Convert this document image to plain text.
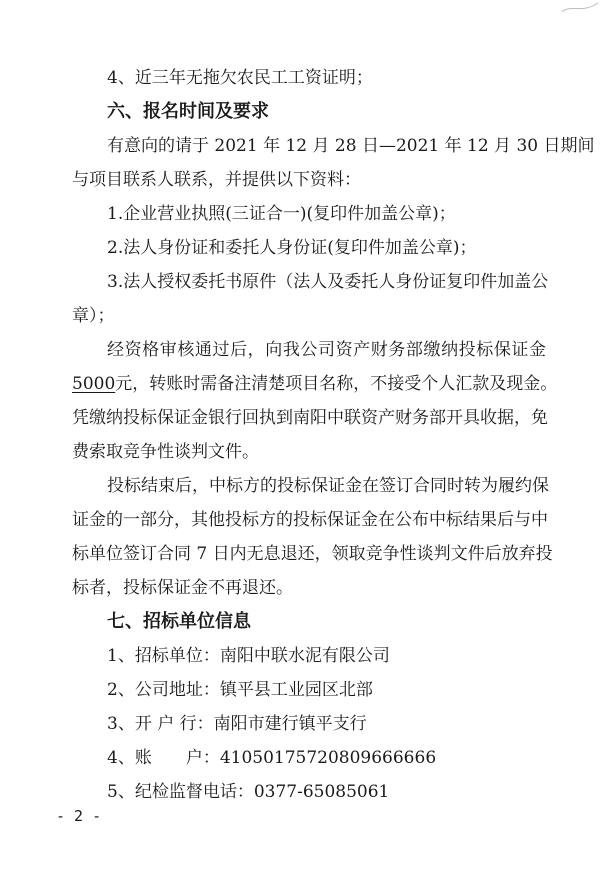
4、近三年无拖欠农民工工资证明；
六、报名时间及要求
有意向的请于 2021 年 12 月 28 日—2021 年 12 月 30 日期间
与项目联系人联系，并提供以下资料：
1.企业营业执照(三证合一)(复印件加盖公章)；
2.法人身份证和委托人身份证(复印件加盖公章)；
3.法人授权委托书原件（法人及委托人身份证复印件加盖公
章）；
经资格审核通过后，向我公司资产财务部缴纳投标保证金
5000元，转账时需备注清楚项目名称，不接受个人汇款及现金。
凭缴纳投标保证金银行回执到南阳中联资产财务部开具收据，免
费索取竞争性谈判文件。
投标结束后，中标方的投标保证金在签订合同时转为履约保
证金的一部分，其他投标方的投标保证金在公布中标结果后与中
标单位签订合同 7 日内无息退还，领取竞争性谈判文件后放弃投
标者，投标保证金不再退还。
七、招标单位信息
1、招标单位：南阳中联水泥有限公司
2、公司地址：镇平县工业园区北部
3、开 户 行：南阳市建行镇平支行
4、账　　户：41050175720809666666
5、纪检监督电话：0377-65085061
- 2 -
